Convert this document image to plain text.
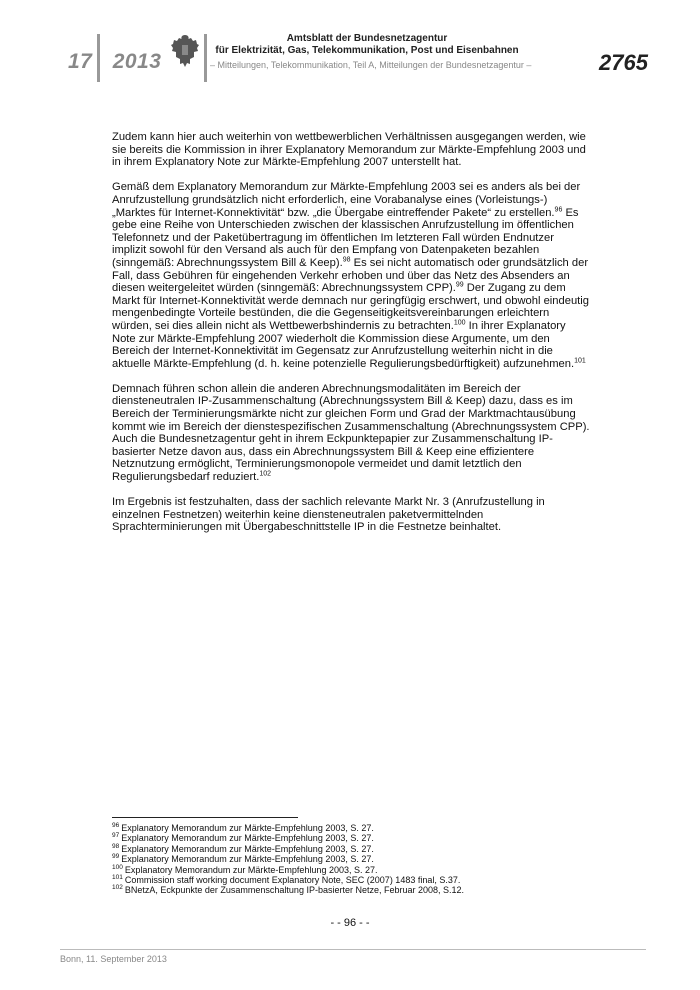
17 2013
Amtsblatt der Bundesnetzagentur
für Elektrizität, Gas, Telekommunikation, Post und Eisenbahnen
– Mitteilungen, Telekommunikation, Teil A, Mitteilungen der Bundesnetzagentur –	2765

Zudem kann hier auch weiterhin von wettbewerblichen Verhältnissen ausgegangen werden, wie sie bereits die Kommission in ihrer Explanatory Memorandum zur Märkte-Empfehlung 2003 und in ihrem Explanatory Note zur Märkte-Empfehlung 2007 unterstellt hat.

Gemäß dem Explanatory Memorandum zur Märkte-Empfehlung 2003 sei es anders als bei der Anrufzustellung grundsätzlich nicht erforderlich, eine Vorabanalyse eines (Vorleistungs-) „Marktes für Internet-Konnektivität“ bzw. „die Übergabe eintreffender Pakete“ zu erstellen.$^{96}$ Es gebe eine Reihe von Unterschieden zwischen der klassischen Anrufzustellung im öffentlichen Telefonnetz und der Paketübertragung im öffentlichen Im letzteren Fall würden Endnutzer implizit sowohl für den Versand als auch für den Empfang von Datenpaketen bezahlen (sinngemäß: Abrechnungssystem Bill & Keep).$^{98}$ Es sei nicht automatisch oder grundsätzlich der Fall, dass Gebühren für eingehenden Verkehr erhoben und über das Netz des Absenders an diesen weitergeleitet würden (sinngemäß: Abrechnungssystem CPP).$^{99}$ Der Zugang zu dem Markt für Internet-Konnektivität werde demnach nur geringfügig erschwert, und obwohl eindeutig mengenbedingte Vorteile bestünden, die die Gegenseitigkeitsvereinbarungen erleichtern würden, sei dies allein nicht als Wettbewerbshindernis zu betrachten.$^{100}$ In ihrer Explanatory Note zur Märkte-Empfehlung 2007 wiederholt die Kommission diese Argumente, um den Bereich der Internet-Konnektivität im Gegensatz zur Anrufzustellung weiterhin nicht in die aktuelle Märkte-Empfehlung (d. h. keine potenzielle Regulierungsbedürftigkeit) aufzunehmen.$^{101}$

Demnach führen schon allein die anderen Abrechnungsmodalitäten im Bereich der diensteneutralen IP-Zusammenschaltung (Abrechnungssystem Bill & Keep) dazu, dass es im Bereich der Terminierungsmärkte nicht zur gleichen Form und Grad der Marktmachtausübung kommt wie im Bereich der dienstespezifischen Zusammenschaltung (Abrechnungssystem CPP). Auch die Bundesnetzagentur geht in ihrem Eckpunktepapier zur Zusammenschaltung IP-basierter Netze davon aus, dass ein Abrechnungssystem Bill & Keep eine effizientere Netznutzung ermöglicht, Terminierungsmonopole vermeidet und damit letztlich den Regulierungsbedarf reduziert.$^{102}$

Im Ergebnis ist festzuhalten, dass der sachlich relevante Markt Nr. 3 (Anrufzustellung in einzelnen Festnetzen) weiterhin keine diensteneutralen paketvermittelnden Sprachterminierungen mit Übergabeschnittstelle IP in die Festnetze beinhaltet.

$^{96}$ Explanatory Memorandum zur Märkte-Empfehlung 2003, S. 27.
$^{97}$ Explanatory Memorandum zur Märkte-Empfehlung 2003, S. 27.
$^{98}$ Explanatory Memorandum zur Märkte-Empfehlung 2003, S. 27.
$^{99}$ Explanatory Memorandum zur Märkte-Empfehlung 2003, S. 27.
$^{100}$ Explanatory Memorandum zur Märkte-Empfehlung 2003, S. 27.
$^{101}$ Commission staff working document Explanatory Note, SEC (2007) 1483 final, S.37.
$^{102}$ BNetzA, Eckpunkte der Zusammenschaltung IP-basierter Netze, Februar 2008, S.12.
- - 96 - -
Bonn, 11. September 2013
